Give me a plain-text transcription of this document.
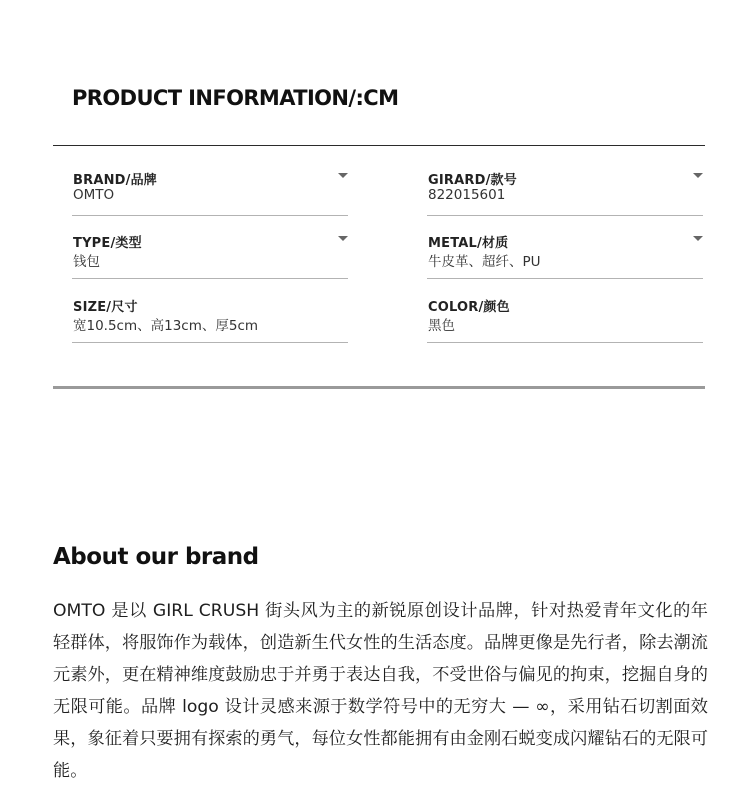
PRODUCT INFORMATION/:CM
BRAND/品牌
OMTO
GIRARD/款号
822015601
TYPE/类型
钱包
METAL/材质
牛皮革、超纤、PU
SIZE/尺寸
宽10.5cm、高13cm、厚5cm
COLOR/颜色
黑色
About our brand

OMTO 是以 GIRL CRUSH 街头风为主的新锐原创设计品牌，针对热爱青年文化的年轻群体，将服饰作为载体，创造新生代女性的生活态度。品牌更像是先行者，除去潮流元素外，更在精神维度鼓励忠于并勇于表达自我，不受世俗与偏见的拘束，挖掘自身的无限可能。品牌 logo 设计灵感来源于数学符号中的无穷大 — ∞，采用钻石切割面效果，象征着只要拥有探索的勇气，每位女性都能拥有由金刚石蜕变成闪耀钻石的无限可能。
